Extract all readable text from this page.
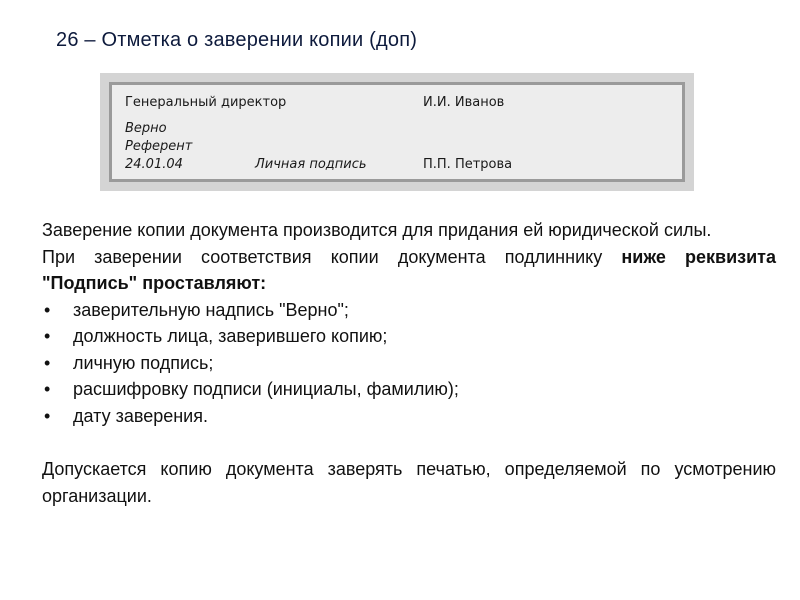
26 – Отметка о заверении копии (доп)
Генеральный директор	И.И. Иванов
Верно
Референт
24.01.04	Личная подпись	П.П. Петрова

Заверение копии документа производится для придания ей юридической силы.

При заверении соответствия копии документа подлиннику ниже реквизита "Подпись" проставляют:

• заверительную надпись "Верно";
• должность лица, заверившего копию;
• личную подпись;
• расшифровку подписи (инициалы, фамилию);
• дату заверения.

Допускается копию документа заверять печатью, определяемой по усмотрению организации.
